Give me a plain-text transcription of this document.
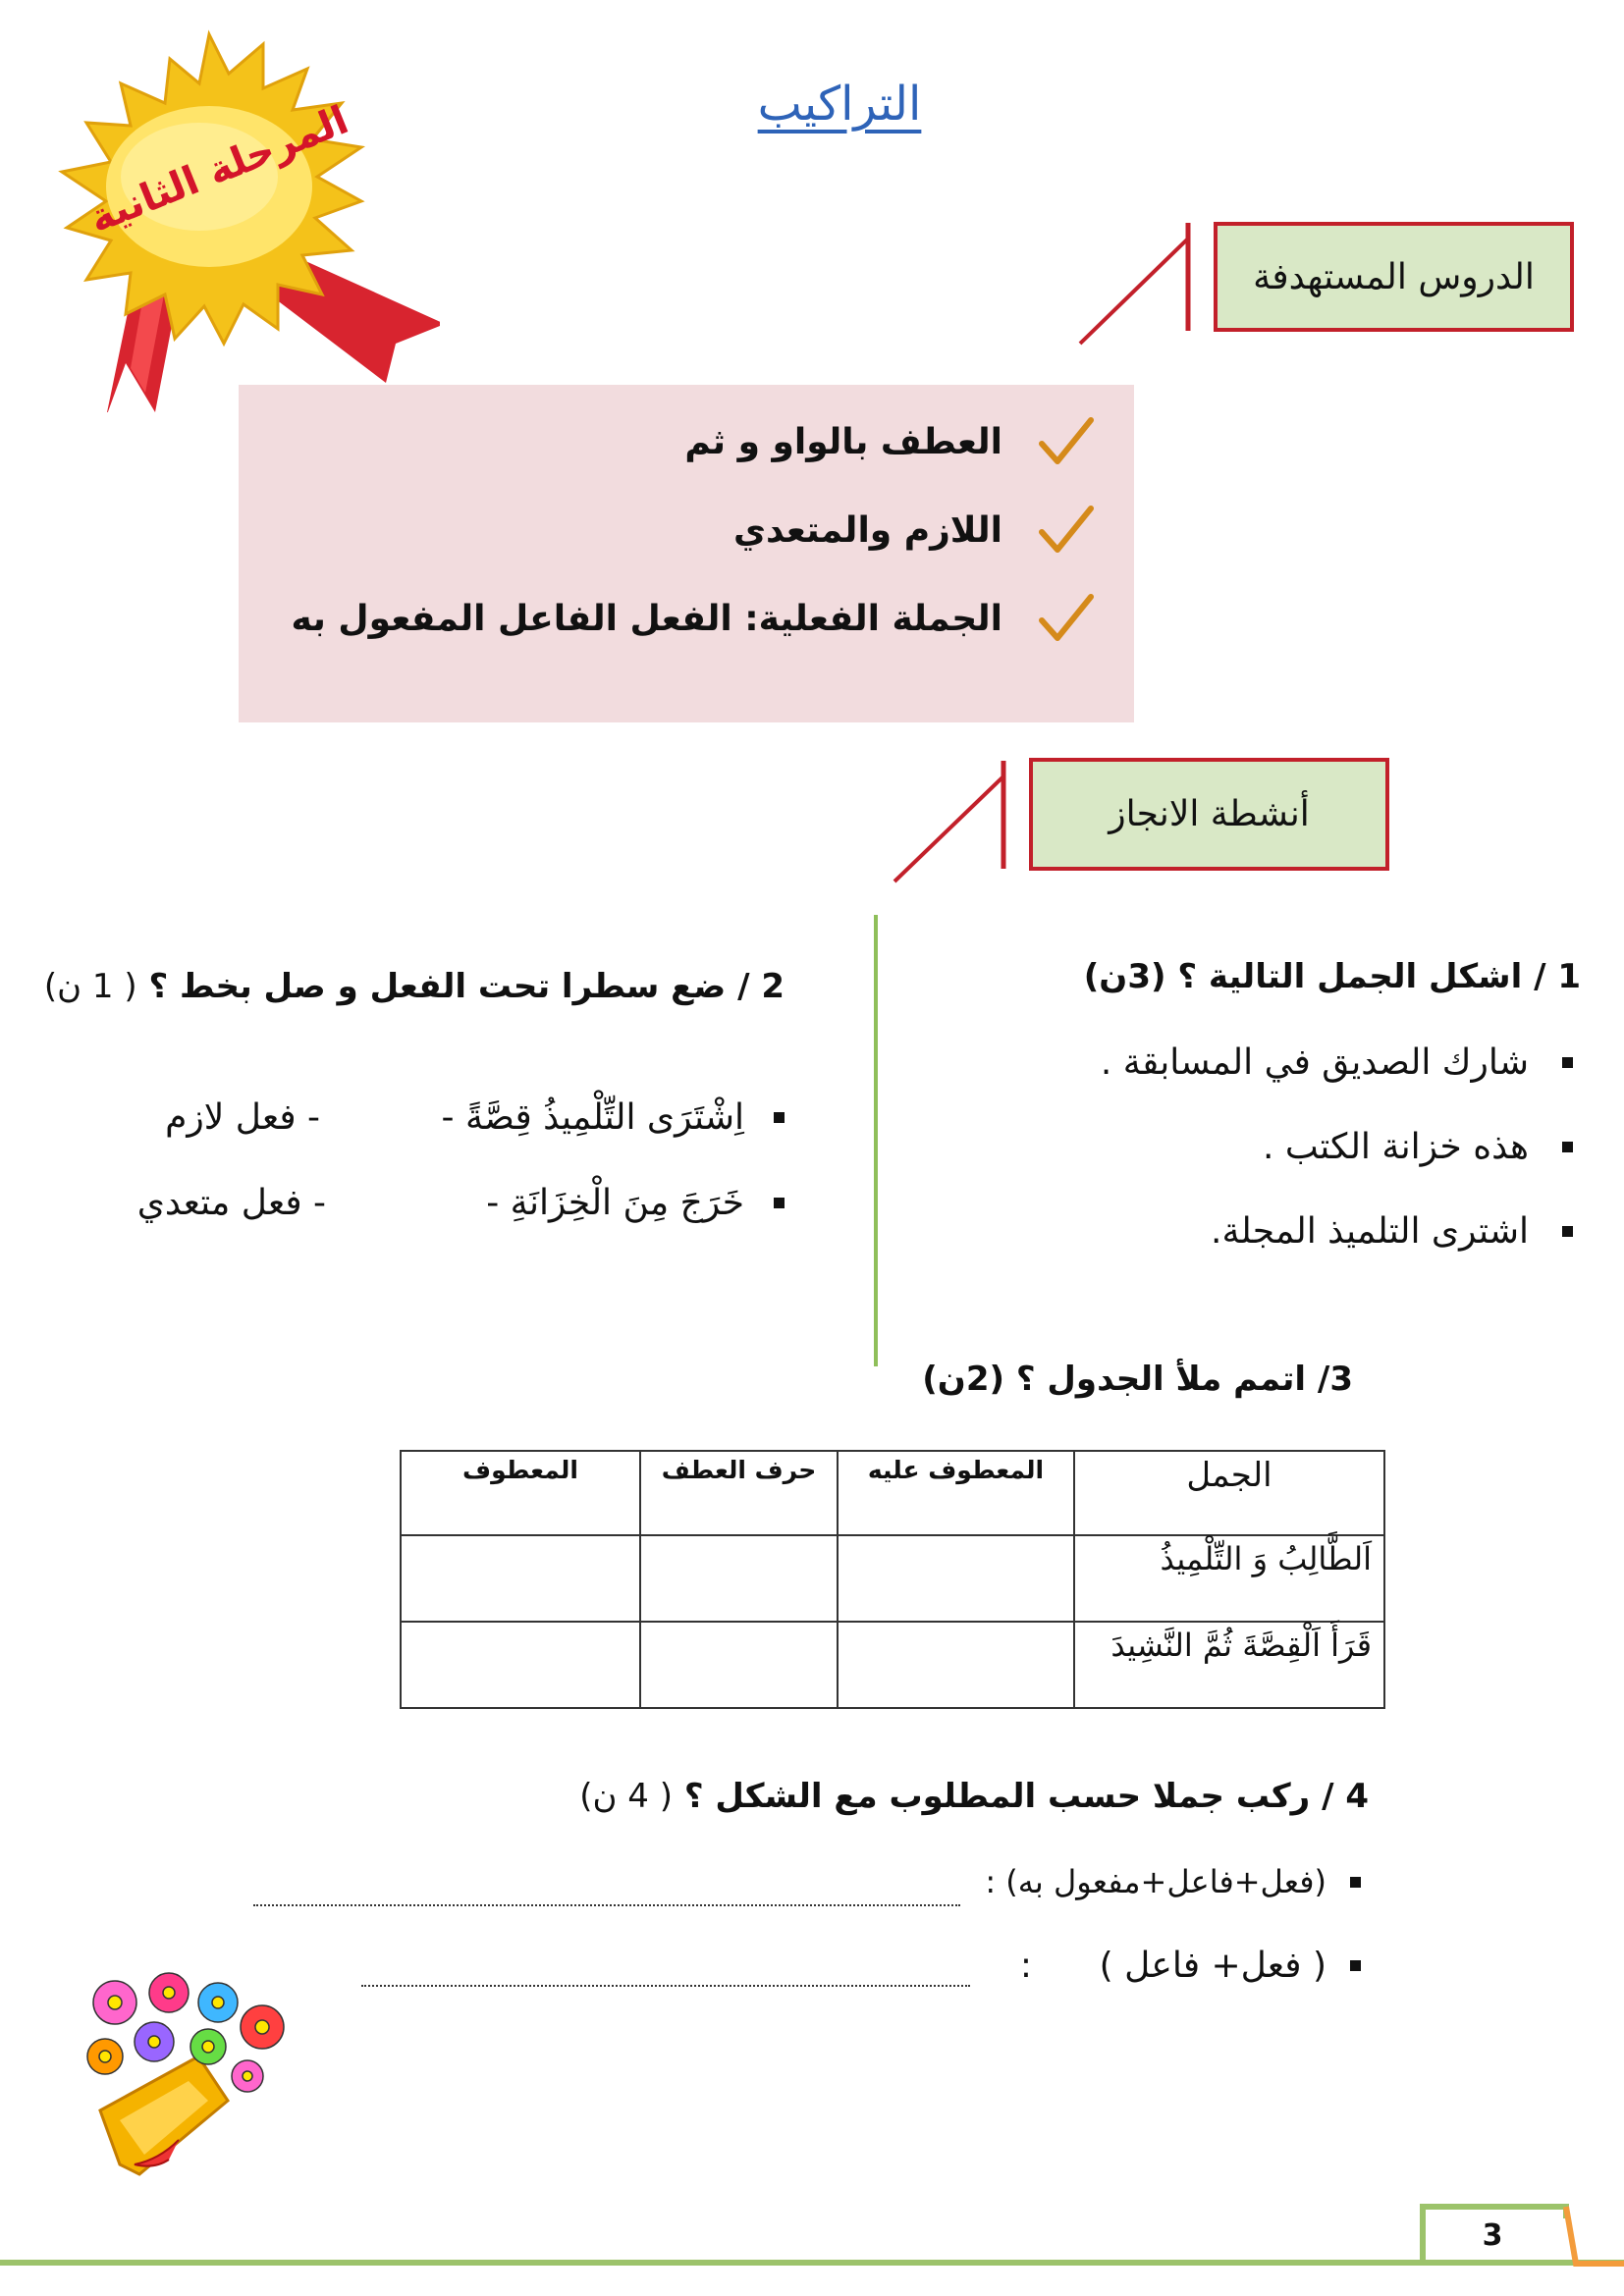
التراكيب
المرحلة الثانية
الدروس المستهدفة
العطف بالواو و ثم
اللازم والمتعدي
الجملة الفعلية: الفعل الفاعل المفعول به
أنشطة الانجاز
1 / اشكل الجمل التالية ؟ (3ن)
شارك الصديق في المسابقة .
هذه خزانة الكتب .
اشترى التلميذ المجلة.
2 / ضع سطرا تحت الفعل و صل بخط ؟ ( 1 ن)
اِشْتَرَى التِّلْمِيذُ قِصَّةً -
- فعل لازم
خَرَجَ مِنَ الْخِزَانَةِ -
- فعل متعدي
3/ اتمم ملأ الجدول ؟ (2ن)
الجمل	المعطوف عليه	حرف العطف	المعطوف
اَلطَّالِبُ وَ التِّلْمِيذُ			
قَرَأَ اَلْقِصَّةَ ثُمَّ النَّشِيدَ			
4 / ركب جملا حسب المطلوب مع الشكل ؟ ( 4 ن)
(فعل+فاعل+مفعول به) :
( فعل+ فاعل )      :
3
